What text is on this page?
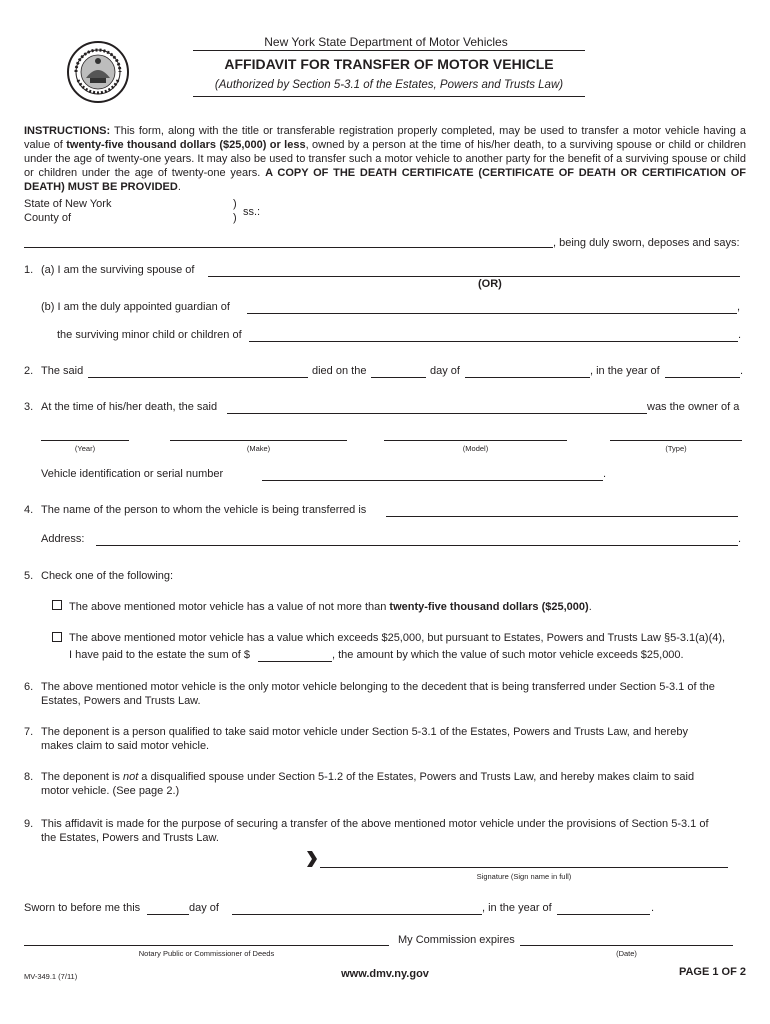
New York State Department of Motor Vehicles
AFFIDAVIT FOR TRANSFER OF MOTOR VEHICLE
(Authorized by Section 5-3.1 of the Estates, Powers and Trusts Law)
INSTRUCTIONS: This form, along with the title or transferable registration properly completed, may be used to transfer a motor vehicle having a value of twenty-five thousand dollars ($25,000) or less, owned by a person at the time of his/her death, to a surviving spouse or child or children under the age of twenty-one years. It may also be used to transfer such a motor vehicle to another party for the benefit of a surviving spouse or child or children under the age of twenty-one years. A COPY OF THE DEATH CERTIFICATE (CERTIFICATE OF DEATH OR CERTIFICATION OF DEATH) MUST BE PROVIDED.
State of New York
County of
)
) ss.:
, being duly sworn, deposes and says:
1. (a) I am the surviving spouse of
(OR)
(b) I am the duly appointed guardian of	,
the surviving minor child or children of	.
2. The said	died on the	day of	, in the year of	.
3. At the time of his/her death, the said	was the owner of a
(Year)	(Make)	(Model)	(Type)
Vehicle identification or serial number	.
4. The name of the person to whom the vehicle is being transferred is
Address:	.
5. Check one of the following:
The above mentioned motor vehicle has a value of not more than twenty-five thousand dollars ($25,000).
The above mentioned motor vehicle has a value which exceeds $25,000, but pursuant to Estates, Powers and Trusts Law §5-3.1(a)(4),
I have paid to the estate the sum of $	, the amount by which the value of such motor vehicle exceeds $25,000.
6. The above mentioned motor vehicle is the only motor vehicle belonging to the decedent that is being transferred under Section 5-3.1 of the
Estates, Powers and Trusts Law.
7. The deponent is a person qualified to take said motor vehicle under Section 5-3.1 of the Estates, Powers and Trusts Law, and hereby
makes claim to said motor vehicle.
8. The deponent is not a disqualified spouse under Section 5-1.2 of the Estates, Powers and Trusts Law, and hereby makes claim to said
motor vehicle. (See page 2.)
9. This affidavit is made for the purpose of securing a transfer of the above mentioned motor vehicle under the provisions of Section 5-3.1 of
the Estates, Powers and Trusts Law.
Signature (Sign name in full)
Sworn to before me this	day of	, in the year of	.
Notary Public or Commissioner of Deeds
My Commission expires
(Date)
MV-349.1 (7/11)	www.dmv.ny.gov	PAGE 1 OF 2
